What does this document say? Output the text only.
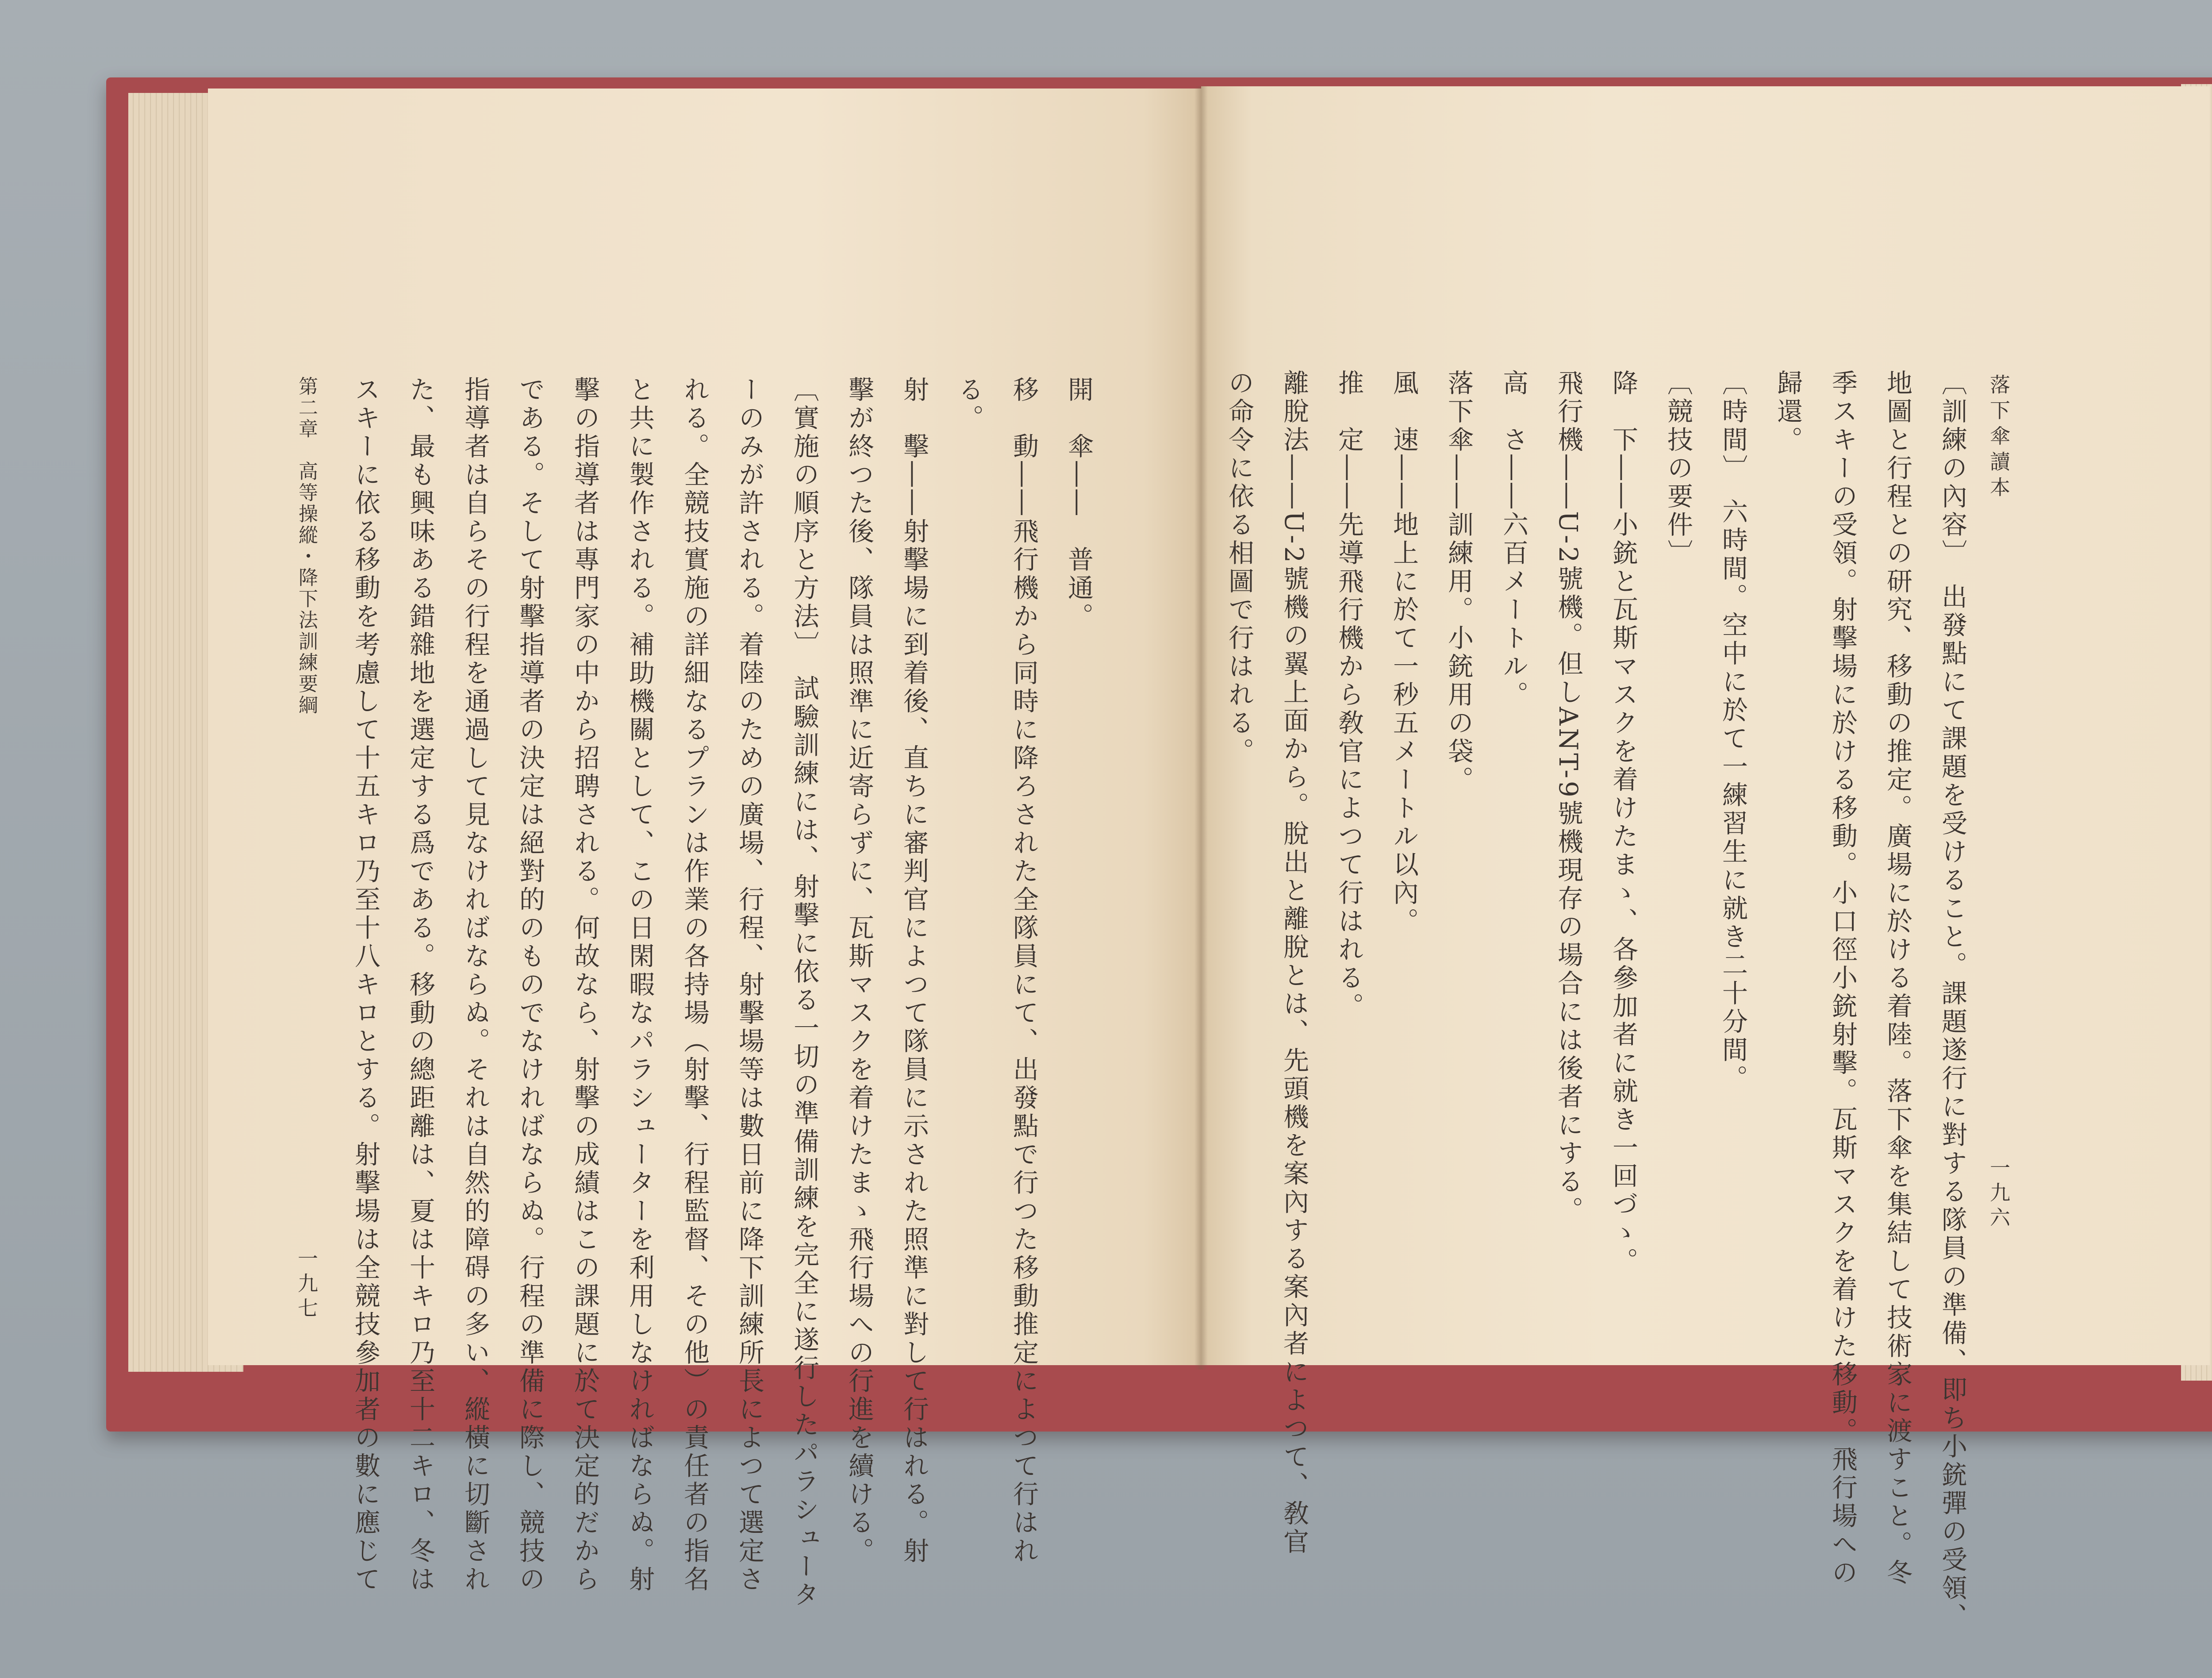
開　傘――　普通。
移　動――飛行機から同時に降ろされた全隊員にて、出發點で行つた移動推定によつて行はれ
る。
射　擊――射擊場に到着後、直ちに審判官によつて隊員に示された照準に對して行はれる。射
擊が終つた後、隊員は照準に近寄らずに、瓦斯マスクを着けたまゝ飛行場への行進を續ける。
〔實施の順序と方法〕　試驗訓練には、射擊に依る一切の準備訓練を完全に遂行したパラシュータ
ーのみが許される。着陸のための廣場、行程、射擊場等は數日前に降下訓練所長によつて選定さ
れる。全競技實施の詳細なるプランは作業の各持場（射擊、行程監督、その他）の責任者の指名
と共に製作される。補助機關として、この日閑暇なパラシューターを利用しなければならぬ。射
擊の指導者は專門家の中から招聘される。何故なら、射擊の成績はこの課題に於て決定的だから
である。そして射擊指導者の決定は絕對的のものでなければならぬ。行程の準備に際し、競技の
指導者は自らその行程を通過して見なければならぬ。それは自然的障碍の多い、縱橫に切斷され
た、最も興味ある錯雜地を選定する爲である。移動の總距離は、夏は十キロ乃至十二キロ、冬は
スキーに依る移動を考慮して十五キロ乃至十八キロとする。射擊場は全競技參加者の數に應じて
第二章　高等操縱・降下法訓練要綱
一九七
落下傘讀本
一九六
〔訓練の內容〕　出發點にて課題を受けること。課題遂行に對する隊員の準備、即ち小銃彈の受領、
地圖と行程との研究、移動の推定。廣場に於ける着陸。落下傘を集結して技術家に渡すこと。冬
季スキーの受領。射擊場に於ける移動。小口徑小銃射擊。瓦斯マスクを着けた移動。飛行場への
歸還。
〔時間〕　六時間。空中に於て一練習生に就き二十分間。
〔競技の要件〕
降　下――小銃と瓦斯マスクを着けたまゝ、各參加者に就き一回づゝ。
飛行機――U-2號機。但しANT-9號機現存の場合には後者にする。
高　さ――六百メートル。
落下傘――訓練用。小銃用の袋。
風　速――地上に於て一秒五メートル以內。
推　定――先導飛行機から敎官によつて行はれる。
離脫法――U-2號機の翼上面から。脫出と離脫とは、先頭機を案內する案內者によつて、敎官
の命令に依る相圖で行はれる。
